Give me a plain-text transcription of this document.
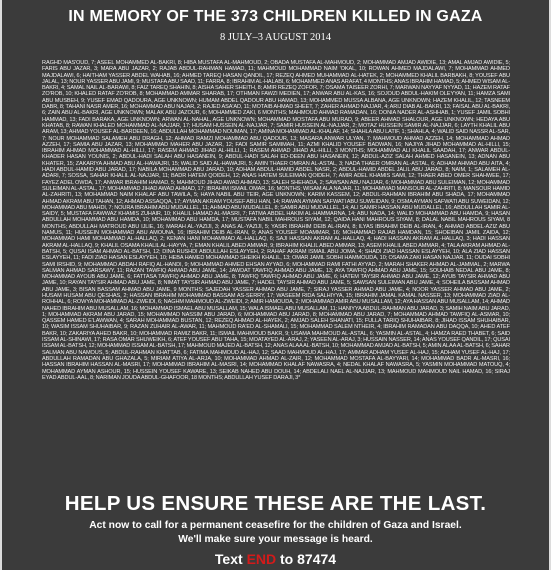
IN MEMORY OF THE 373 CHILDREN KILLED IN GAZA
8 JULY–3 AUGUST 2014
RAGHD MAS'OUD, 7; ASEEL MOHAMMED AL-BAKRI, 8; HIBA MUSTAFA AL-MAHMOUD, 2; OBADA MUSTAFA AL-MAHMOUD, 2; MOHAMMAD AMJAD AWIDIE, 13; AMAL AMJAD AWIDIE, 5; FARIS ABU JAZAR, 3; MARA ABU JAZAR, 2; RAJAB ABDUL-RAHMAN HAMAD, 11; MAHMOUD MOHAMMAD NAIM 'OKAL, 10; ROWAN AHMED MAJDALAWI, 7; MOHAMMAD AHMED MAJDALAWI, 6; HAITHAM YASSER ABDEL WAHAB, 16; AHMED TAREQ HASAN QANDIL, 17; REZEQ AHMED MUHAMMAD AL-HATEK, 2; MOHAMMED KHALIL BARBAKH, 8; YOUSEF ABU JALAL, 13; NOUR YASSER ABU JAMI, 9; MUSTAFA ABU SAAD, 11; FARRA, 8; IBRAHIM AL-HALABI, 6; MOHAMMED ANAS ARAFAT, 4 MONTHS; ANAS IBRAHIM HAMAD, 5; AHMED WISAM AL-BAKRI, 4; SAMAL NAIL AL-BARAWI, 8; FAIZ TAREQ SHAHIN, 8; AISHA SAHER SHEITH, 8; AMIR REZEQ ZOFOR, 7; OSAMA TAISEER ZORHI, 7; MARWAN NAYYAF NYYAD, 11; HAZEM RATAF ZO'ROB, 10; KHALED RATAF ZO'ROB, 8; MOHAMMAD AMMAR SHARAB, 17; OTHMAN FAWZI MEDIEN, 17; ANWAR ABU AL-KAS, 16; SOJOUD ABDUL-HAKIM OLEYYAN, 11; HAMZA SAMI ABU MUSBEH, 9; YUSEF EMAD QADOURA, AGE UNKNOWN; HUMAM ABDEL QADOUR ABU HAMAD, 13; MOHAMMED MUSSA ALBANA, AGE UNKNOWN; HAZEM KHALIL, 12; TASNEEM DABR, 8; TAHANI NASR AMER, 16; MOHAMMAD ABU NAJAR, 2; RAJED ASA'AD, 11; MOTAIB AHMAD SHEET, 7; ZAHER AHMAD NAJJAR, 4; ARIJ DIAB AL-BAKRI, 13; FAISAL ABU AL-BAKRI, 6; ZAIN ABU AL-BAKRI, AGE UNKNOWN; MALAK ABU JAZOUR, 6; MOHAMMED ZAKI, 6 MONTHS; MAHMOUD AHMAD RAMADAN, 16; DONIA NADER AL-ASHHAB, 1; YUSEF JAMIL SOBHI HAMMAD, 13; FADI BARAKA, AGE UNKNOWN; ARWAN AL-NAHAL, AGE UNKNOWN; MOHAMMAD MOSTAFA ABU MURAD, 9; ABEER AHMAD SHALOUR, AGE UNKNOWN; HEDAYA ABU KHATAB, 8; RAWAN KHALED MOHAMMAD AL-NAJJAR, 17; HUSAM HUSSEIN AL-NAJJAR, 7; SAMIR HUSSEIN AL-NAJJAR, 2; MOTAZ HUSSEIN SAMIR AL-NAJJAR, 6; LAYTH KHALIL ABU ARAM, 13; AHMAD YOUSEF AL-BARDEEN, 16; ABDULLAH MOHAMMAD NOUMAN, 17; AMINA MOHAMMAD AL-KHALAF, 14; SHAHLA ABU LATIF, 1; SHAHLA, 4; WALID SAID NASSR AL-SAR, 7; NOUR MOHAMMAD SALAMEH ABU DRAGH, 12; AHMAD RAMZI MOHAMMAD ABU QADOUR, 13; MASARA ANWAR ULYAN, 7; MAHMOUD AHMAD AZZEH, 14; MOHAMMAD AHMAD AZZEH, 17; SAMIA ABU JAZAR, 13; MOHAMMAD MAHER ABU JAZAR, 12; FADI SAMIR SAMIMAH, 11; AZMI KHALID YOUSEF BADWAN, 16; NAJIYA JIHAD MOHAMMAD AL-HILLI, 15; IBRAHIM AHMAD MOHAMMAD AL-HILLI, 17; RASEM AHMAD JIHAD AL-HILLI, 1; RASEM AHMAD JIHAD AL-HILLI, 3 MONTHS; MOHAMMAD ALI KHALIL SAADAH, 17; ANWAR ABDUL-KHADER HASAN YOUNIS, 2; ABDUL-HADI SALAH ABU HASANEIN, 9; ABDUL-HADI SALAH ED-DEEN ABU HASANEIN, 12; ABDUL-AZIZ SALAH AHMED HASANEIN, 13; ADNAN ABU KHATER, 15; ZAKARIYA AHMAD ABU AL-HAWAJRI, 15; WALID SAID AL-HAWAJRI, 5; AMIN THAER OMRAN AL-ASTAL, 3; NADA THAER OMRAN AL-ASTAL, 6; ADHAM AHMAD ABU AITA, 4; HADI ABDUL-HAMID ABU JARAD, 17; NABILA MOHAMMAD ABU JARAD, 10; ADHAM ABDUL-HAMID ABDEL NASR, 2; ABDUL-HAMID ABDEL JALIL ABU JARAD, 8; NAIM, 1; SALAMEH AL-ADARI, 7; SOSSA, SAHAR KHALIL AL-NAJJAR, 11; BADR HATEM QOIDEH, 12; ANAS HATEM SULEIMAN QOIDEH, 7; AMIR ADEL KHAMIS SAMI, 12; THAER ABED OMER SHAHWEE, 17; FAYEZ ADEL OWDA, 17; ANWAR IBRAHIM HAMAD, 5; MAHMOUD JIHAD AWAD AHMAD, 13; SALEH SHEHADA, 2; SAWSAN ABU NAJJAR, 6; MOHAMMAD ABU SULEIMAN, 12; MOHAMMAD SULEIMAN AL-ASTAL, 17; MOHAMMAD JIHAD AWAD AHMAD, 17; IBRAHIM ISMAIL OMAR, 16; MONTHS; WISAM ALA NAJAR, 11; MOHAMMAD MANSOUR AL-ZAHRITI, 8; MANSOUR HAMID AL-ZAHRITI, 13; MOHAMMAD NAIM KHALAF ABU TAWILA, 5; HAYA NABIL ABU TEIR, AGE UNKNOWN; KARIM KASSEM, 12; ABDUL-RAHMAN IBRAHIM ABU SHADA, 17; MOHAMMAD AHMAD AKRAM ABU TAHAN, 12; AHMAD ASSAQQA, 17; AYMAN AKRAM YOUSEF ABU HAN, 14; RAWAN AYMAN SAFWATI ABU SUWEIDAN, 9; OSMA AYMAN SAFWATI ABU SUWEIDAN, 12; MOHAMMAD ABU MAHDI, 7; NOURA IBRAHIM ABU MUDALLEL, 11; AHMAD ABU MUDALLEL, 8; SAMIR ABU MUDALLEL, 14; ALI SAMIR HASSAN ABU MUDALLEL, 16; ABDULLAH SAMIR AL-SAIDY, 5; MUSTAFA FAWWAZ KHAMIS ZUHAIR, 10; KHALIL HAMAD AL-MASRI, 7; FATMA ABDEL HAKIM AL-HAMMARNA, 14; ABU NADA, 14; WALID MOHAMMAD ABU HAMDA, 9; HASAN ABDULLAH MOHAMMAD ABU HAMDA, 10; MOHAMMAD ABU HAMDA, 17; MUSTAFA NABIL MAHROUS SIYAM, 12; QAIDA HANI MAHROUS SIYAM, 8; DALAL NABIL MAHROUS SIYAM, 8 MONTHS; ABDULLAH MATROUD ABU IJLIE, 16; MARAH AL-YAZIJI, 3; ANAS AL-YAZIJI, 5; YASIR IBRAHIM DEIB AL-IRAN, 8; ILYAS IBRAHIM DEIB AL-IRAN, 4; AHMAD ABDEL-AZIZ ABU NAMUS, 11; HUSSEIN MOHAMMAD ABU AMOUNA, 16; IBRAHIM DEIB AL-IRAN, 9; ANAS YOUSEF MOAMMAR, 16; MOHAMMAD RAJAB HAMDAN, 15; SHOEIBAN JAMIL ZAIDA, 12; MOHAMMAD HAMI MOHAMMAD AL-HALLAQ, 2; KENAN HANI MOHAMMAD AL-HALLAQ, 6; SAJI HASSAN AKRAM AL-HALLAQ, 4; HADI HASSAN AKRAM AL-HALLAQ, 3; HADI HASSAN AKRAM AL-HALLAQ, 9; KHALIL OSAMA KHALIL AL-HAYYA, 7; EMAN KHALIL ABED AMMAR, 9; IBRAHIM KHALIL ABED AMMAR, 13; ASEM KHALIL ABED AMMAR, 4; TALA AKRAM AHMAD AL-BATSH, 5; QUSAI ISAM AHMAD AL-BATSH, 12; DINA RUSHDI ABDULLAH ESLAYYEH, 2; RAHAF AKRAM ISMAIL ABU JOMA, 4; SHADI ZIAD HASSAN ESLAYYEH, 10; ALA ZIAD HASSAN ESLAYYEH, 11; FADI ZIAD HASAN ESLAYYEH, 10; HEBA HAMED MOHAMMAD SHEIKH KHALIL, 13; OMAR JAMIL SOBHI HAMMOUDA, 10; OSAMA ZAKI HASAN NAJJAR, 11; OUDAI SOBHI SAMI IRSHID, 9; MOHAMMAD ABDAH RAFIQ AL-HANDI, 9; MOHAMMAD AHMED EHSAN AYYAD, 6; MOHAMMAD RAMI FATHI AYYAD, 2; MARAH SHAKER AHMAD AL-JAMMAL, 2; MARWA SALMAN AHMAD SARSAWY, 11; RAZAN TAWFIQ AHMAD ABU JAME, 14; JAWDAT TAWFIQ AHMAD ABU JAME, 13; AYA TAWFIQ AHMAD ABU JAME, 15; SOUHAIB NEDAL ABU JAME, 8; MOHAMMAD AYOUB ABU JAME, 6; FATTASA TAWFIQ AHMAD ABU JAME, 8; TAWFIQ TAWFIQ AHMAD ABU JAME, 6; HATEM TAYSIR AHMAD ABU JAME, 12; AYUB TAYSIR AHMAD ABU JAME, 10; RAYAN TAYSIR AHMAD ABU JAME, 8; NIMAT TAYSIR AHMAD ABU JAME, 7; HADEL TAYSIR AHMAD ABU JAME, 5; SAWSAN SULEIMAN ABU JAME, 4; SOHEILA BASSAM AHMAD ABU JAME, 3; BISAN BASSAM AHMAD ABU JAME, 9 MONTHS; SAJEDAH YASSER AHMAD ABU JAME, 7; SIRAJ YASSER AHMAD ABU JAME, 4; NOOR YASSER AHMAD ABU JAME, 2; HUSAM HUSAM ABU QESHAS, 2; HASSAN IBRAHIM MOHAMMAD BASSAM AS-SERRY, 17; WASEEM RIDA SALHIYYA, 15; IBRAHIM JAMAL KAMAL NASSER, 13; MOHAMMAD ZIAD AL-ROHHAL, 6; ROWYA MOHAMMAD AL-ZWEIDI, 6; NAGHM MAHMOUD AL-ZWEIDI, 2; AMIR HAMOUDA, 2; MOHAMMAD AMIR ABU MUSALLAM, 12; AYA HASSAN ABU MUSALLAM, 14; AHMAD NAHED IBRAHIM ABU MUSALLAM, 16; MOHAMMAD ISMAEL ABU MUSALLAM, 15; WALA ISMAEL ABU MUSALLAM, 11; HANIYYA ABDUL-RAHMAN ABU JARAD, 3; SAMIH NAIM ABU JARAD, 1; MOHAMMAD AKRAM ABU JARAD, 15; MOHAMMAD NASSIM ABU JARAD, 6; MOHAMMAD ABU JARAD, 8; MOHAMMAD ABU JARAD, 7; MOHAMMAD AHMAD TAWFIQ AL-ASMAR, 10; QASSEM HAMED E'LAWWAN, 4; SARAH MOHAMMAD BUSTAN, 12; REZEQ AHMAD AL-HAYEK, 2; AMJAD SALEH SHANATI, 15; FULLA TARIQ SHUHAIBAR, 8; JIHAD ISSAM SHUHAIBAR, 10; WASIM ISSAM SHUHAIBAR, 9; RAZAN ZUHAIR AL-AWAR, 11; MAHMOUD RA'ED AL-SHAMALI, 15; MOHAMMAD SALEM NTHEIR, 4; IBRAHIM RAMADAN ABU DAQQA, 10; AHED ATEF BAKR, 10; ZAKARIYA AHED BAKR, 10; MOHAMMAD RAMIZ BAKR, 11; ISMAIL MAHMOUD BAKR, 9; USAMA MAHMOUD AL-ASTAL, 6; YASMIN AL-ASTAL, 4; HAMZA RAED THABET, 6; SAID ISSAM AL-SHINAWI, 17; RASA OMAR SHUWEIKH, 6; ATEF YOUSEF ABU TAHA, 15; MOATAYED AL-ARAJ, 2; YASEEN AL-ARAJ, 3; HUSSAIN NASSER, 14; ANAS YOUSEF QANDIL, 17; QUSAI ISSAM AL-BATSH, 12; MOHAMMAD ISSAM AL-BATSH, 17; MAHMOUD MAJED AL-BATSH, 12; ANAS ALAA AL-BATSH, 10; MOHAMMAD AMJAD AL-BATSH, 5; AMIN ALAA AL-BATSH, 6; SAHAR SALMAN ABU NAMOUS, 5; ABDUL-RAHMAN KHATTAB, 6; FATIMA MAHMOUD AL-HAJ, 12; SAAD MAHMOUD AL-HAJ, 17; AMMAR ADHAM YUSEF AL-HAJ, 15; ADHAM YUSEF AL-HAJ, 17; ABDULLAH RAMADAN ABU GHAZALA, 5; MIRIAM ATIYA AL-ARJA, 10; MOHAMMAD AHMAD AL-ZAIR, 12; MOHAMMAD MOSTAFA AL-BAYYARI, 14; MOHAMMAD BADR AL-MASRI, 16; HASSAN IBRAHIM HASSAN AL-MASRI, 17; MOHAMMAD IBRAHIM AL-MASRI, 14; MOHAMMAD KHALAF NAWASRA, 4; NEDAL KHALAF NAWASRA, 5; YASMIN MOHAMMAD MATOUQ, 4; MOHAMMAD AYMAN ASHOUR, 15; HUSSEIN YOUSEF KAWARE, 13; SEIKAB NAHED ABU DOUH, 14; ABDELALI NAEL AL-NAJJAR, 13; MAHMOUD MAHMOUD NAIL HAMAD, 16; SIRAJ EYAD ABDUL-AAL, 8; NARIMAN JOUDA ABDUL-GHAFOOR, 18 MONTHS; ABDULLAH YUSEF DARAJI, 3*
HELP US ENSURE THESE ARE THE LAST.
Act now to call for a permanent ceasefire for the children of Gaza and Israel.
We'll make sure your message is heard.
Text END to 87474
